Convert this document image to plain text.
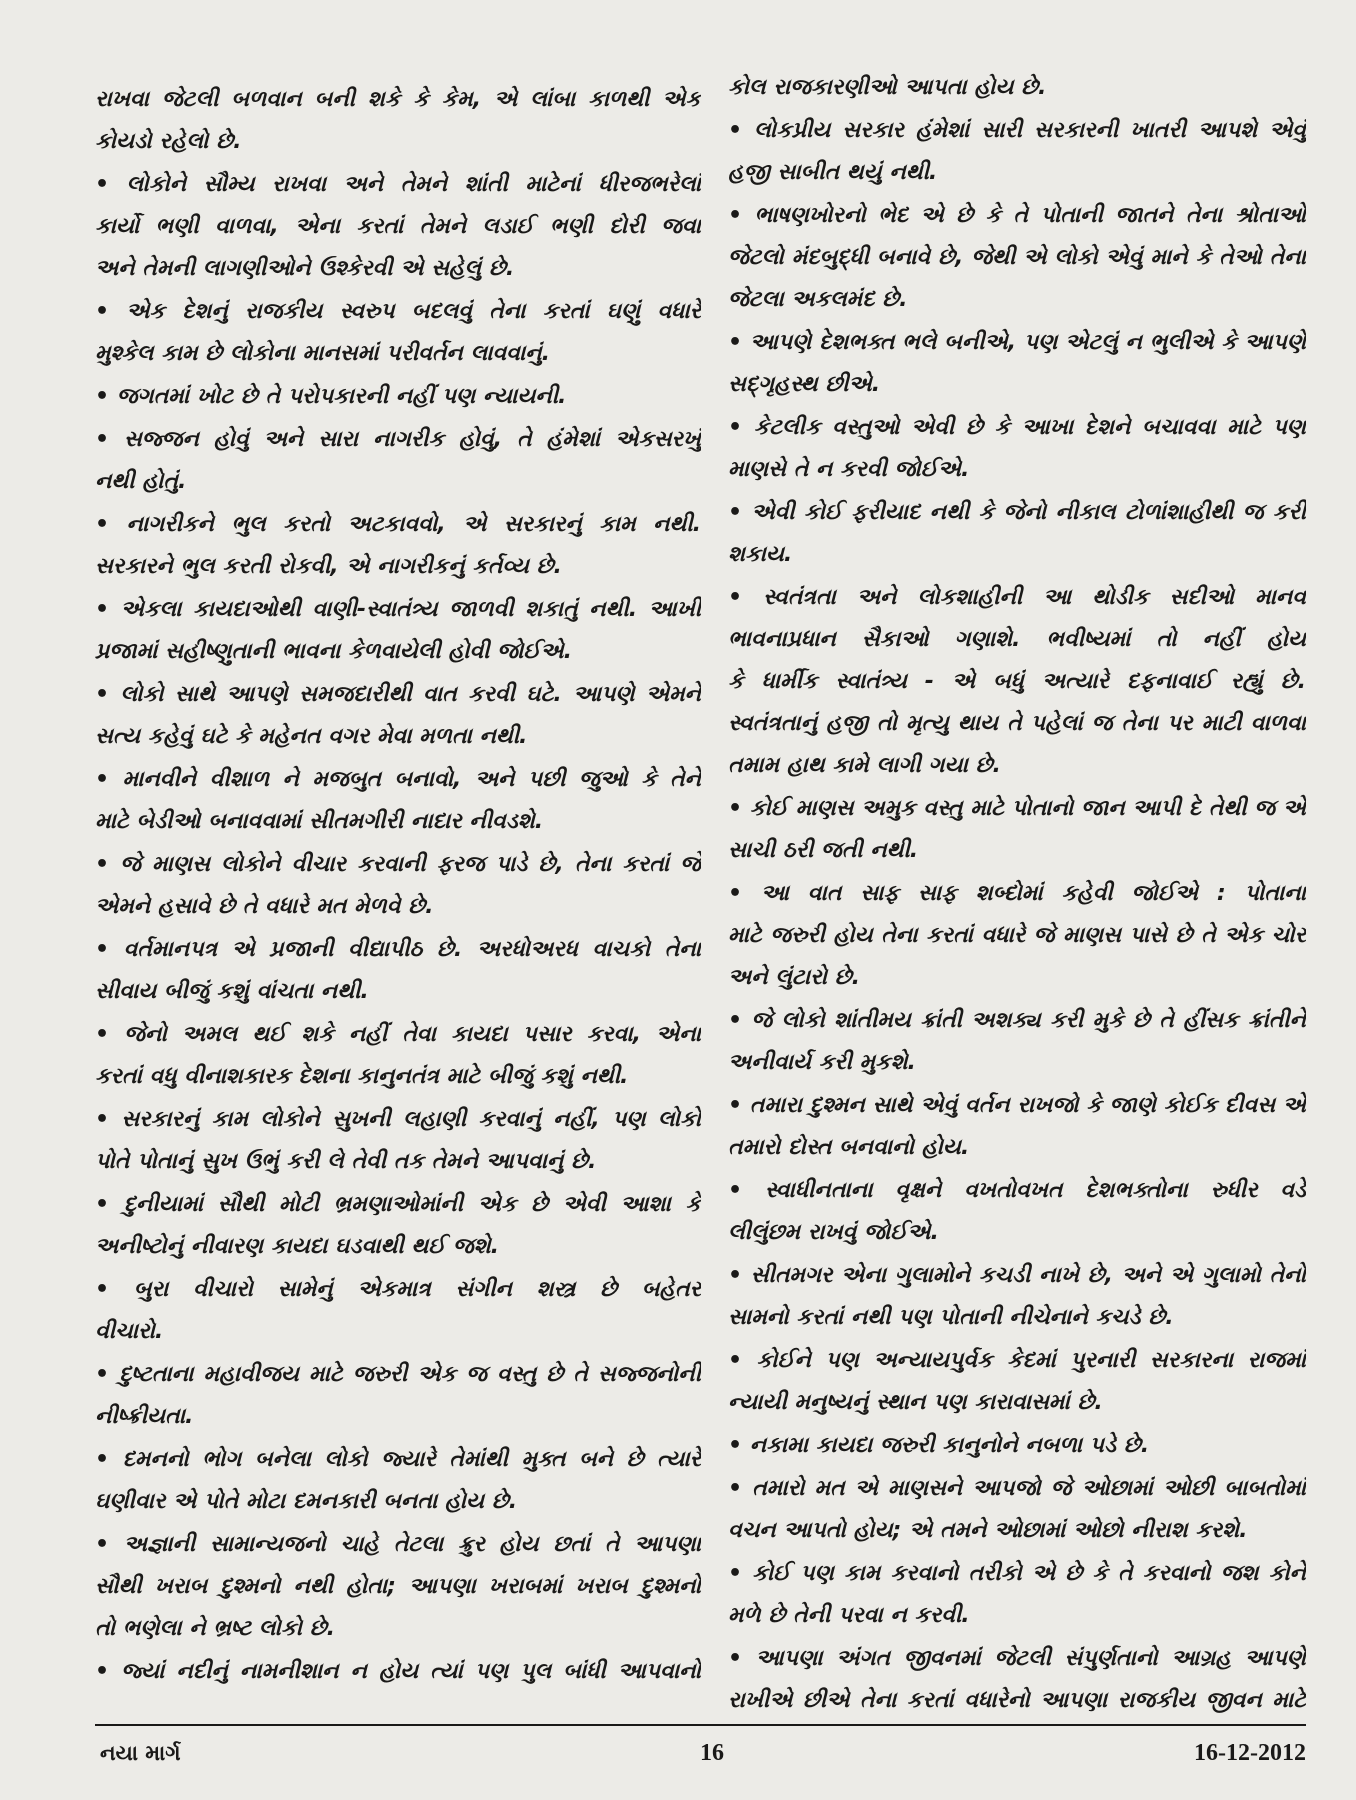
રાખવા જેટલી બળવાન બની શકે કે કેમ, એ લાંબા કાળથી એક
કોયડો રહેલો છે.
• લોકોને સૌમ્ય રાખવા અને તેમને શાંતી માટેનાં ધીરજભરેલાં
કાર્યો ભણી વાળવા, એના કરતાં તેમને લડાઈ ભણી દોરી જવા
અને તેમની લાગણીઓને ઉશ્કેરવી એ સહેલું છે.
• એક દેશનું રાજકીય સ્વરુપ બદલવું તેના કરતાં ઘણું વધારે
મુશ્કેલ કામ છે લોકોના માનસમાં પરીવર્તન લાવવાનું.
• જગતમાં ખોટ છે તે પરોપકારની નહીં પણ ન્યાયની.
• સજ્જન હોવું અને સારા નાગરીક હોવું, તે હંમેશાં એકસરખું
નથી હોતું.
• નાગરીકને ભુલ કરતો અટકાવવો, એ સરકારનું કામ નથી.
સરકારને ભુલ કરતી રોકવી, એ નાગરીકનું કર્તવ્ય છે.
• એકલા કાયદાઓથી વાણી-સ્વાતંત્ર્ય જાળવી શકાતું નથી. આખી
પ્રજામાં સહીષ્ણુતાની ભાવના કેળવાયેલી હોવી જોઈએ.
• લોકો સાથે આપણે સમજદારીથી વાત કરવી ઘટે. આપણે એમને
સત્ય કહેવું ઘટે કે મહેનત વગર મેવા મળતા નથી.
• માનવીને વીશાળ ને મજબુત બનાવો, અને પછી જુઓ કે તેને
માટે બેડીઓ બનાવવામાં સીતમગીરી નાદાર નીવડશે.
• જે માણસ લોકોને વીચાર કરવાની ફરજ પાડે છે, તેના કરતાં જે
એમને હસાવે છે તે વધારે મત મેળવે છે.
• વર્તમાનપત્ર એ પ્રજાની વીદ્યાપીઠ છે. અરધોઅરધ વાચકો તેના
સીવાય બીજું કશું વાંચતા નથી.
• જેનો અમલ થઈ શકે નહીં તેવા કાયદા પસાર કરવા, એના
કરતાં વધુ વીનાશકારક દેશના કાનુનતંત્ર માટે બીજું કશું નથી.
• સરકારનું કામ લોકોને સુખની લહાણી કરવાનું નહીં, પણ લોકો
પોતે પોતાનું સુખ ઉભું કરી લે તેવી તક તેમને આપવાનું છે.
• દુનીયામાં સૌથી મોટી ભ્રમણાઓમાંની એક છે એવી આશા કે
અનીષ્ટોનું નીવારણ કાયદા ઘડવાથી થઈ જશે.
• બુરા વીચારો સામેનું એકમાત્ર સંગીન શસ્ત્ર છે બહેતર
વીચારો.
• દુષ્ટતાના મહાવીજય માટે જરુરી એક જ વસ્તુ છે તે સજ્જનોની
નીષ્ક્રીયતા.
• દમનનો ભોગ બનેલા લોકો જ્યારે તેમાંથી મુક્ત બને છે ત્યારે
ઘણીવાર એ પોતે મોટા દમનકારી બનતા હોય છે.
• અજ્ઞાની સામાન્યજનો ચાહે તેટલા ક્રુર હોય છતાં તે આપણા
સૌથી ખરાબ દુશ્મનો નથી હોતા; આપણા ખરાબમાં ખરાબ દુશ્મનો
તો ભણેલા ને ભ્રષ્ટ લોકો છે.
• જ્યાં નદીનું નામનીશાન ન હોય ત્યાં પણ પુલ બાંધી આપવાનો
કોલ રાજકારણીઓ આપતા હોય છે.
• લોકપ્રીય સરકાર હંમેશાં સારી સરકારની ખાતરી આપશે એવું
હજી સાબીત થયું નથી.
• ભાષણખોરનો ભેદ એ છે કે તે પોતાની જાતને તેના શ્રોતાઓ
જેટલો મંદબુદ્ધી બનાવે છે, જેથી એ લોકો એવું માને કે તેઓ તેના
જેટલા અકલમંદ છે.
• આપણે દેશભક્ત ભલે બનીએ, પણ એટલું ન ભુલીએ કે આપણે
સદ્ગૃહસ્થ છીએ.
• કેટલીક વસ્તુઓ એવી છે કે આખા દેશને બચાવવા માટે પણ
માણસે તે ન કરવી જોઈએ.
• એવી કોઈ ફરીયાદ નથી કે જેનો નીકાલ ટોળાંશાહીથી જ કરી
શકાય.
• સ્વતંત્રતા અને લોકશાહીની આ થોડીક સદીઓ માનવ
ભાવનાપ્રધાન સૈકાઓ ગણાશે. ભવીષ્યમાં તો નહીં હોય
કે ધાર્મીક સ્વાતંત્ર્ય - એ બધું અત્યારે દફનાવાઈ રહ્યું છે.
સ્વતંત્રતાનું હજી તો મૃત્યુ થાય તે પહેલાં જ તેના પર માટી વાળવા
તમામ હાથ કામે લાગી ગયા છે.
• કોઈ માણસ અમુક વસ્તુ માટે પોતાનો જાન આપી દે તેથી જ એ
સાચી ઠરી જતી નથી.
• આ વાત સાફ સાફ શબ્દોમાં કહેવી જોઈએ : પોતાના
માટે જરુરી હોય તેના કરતાં વધારે જે માણસ પાસે છે તે એક ચોર
અને લુંટારો છે.
• જે લોકો શાંતીમય ક્રાંતી અશક્ય કરી મુકે છે તે હીંસક ક્રાંતીને
અનીવાર્ય કરી મુકશે.
• તમારા દુશ્મન સાથે એવું વર્તન રાખજો કે જાણે કોઈક દીવસ એ
તમારો દોસ્ત બનવાનો હોય.
• સ્વાધીનતાના વૃક્ષને વખતોવખત દેશભક્તોના રુધીર વડે
લીલુંછમ રાખવું જોઈએ.
• સીતમગર એના ગુલામોને કચડી નાખે છે, અને એ ગુલામો તેનો
સામનો કરતાં નથી પણ પોતાની નીચેનાને કચડે છે.
• કોઈને પણ અન્યાયપુર્વક કેદમાં પુરનારી સરકારના રાજમાં
ન્યાયી મનુષ્યનું સ્થાન પણ કારાવાસમાં છે.
• નકામા કાયદા જરુરી કાનુનોને નબળા પડે છે.
• તમારો મત એ માણસને આપજો જે ઓછામાં ઓછી બાબતોમાં
વચન આપતો હોય; એ તમને ઓછામાં ઓછો નીરાશ કરશે.
• કોઈ પણ કામ કરવાનો તરીકો એ છે કે તે કરવાનો જશ કોને
મળે છે તેની પરવા ન કરવી.
• આપણા અંગત જીવનમાં જેટલી સંપુર્ણતાનો આગ્રહ આપણે
રાખીએ છીએ તેના કરતાં વધારેનો આપણા રાજકીય જીવન માટે
નયા માર્ગ	16	16-12-2012
